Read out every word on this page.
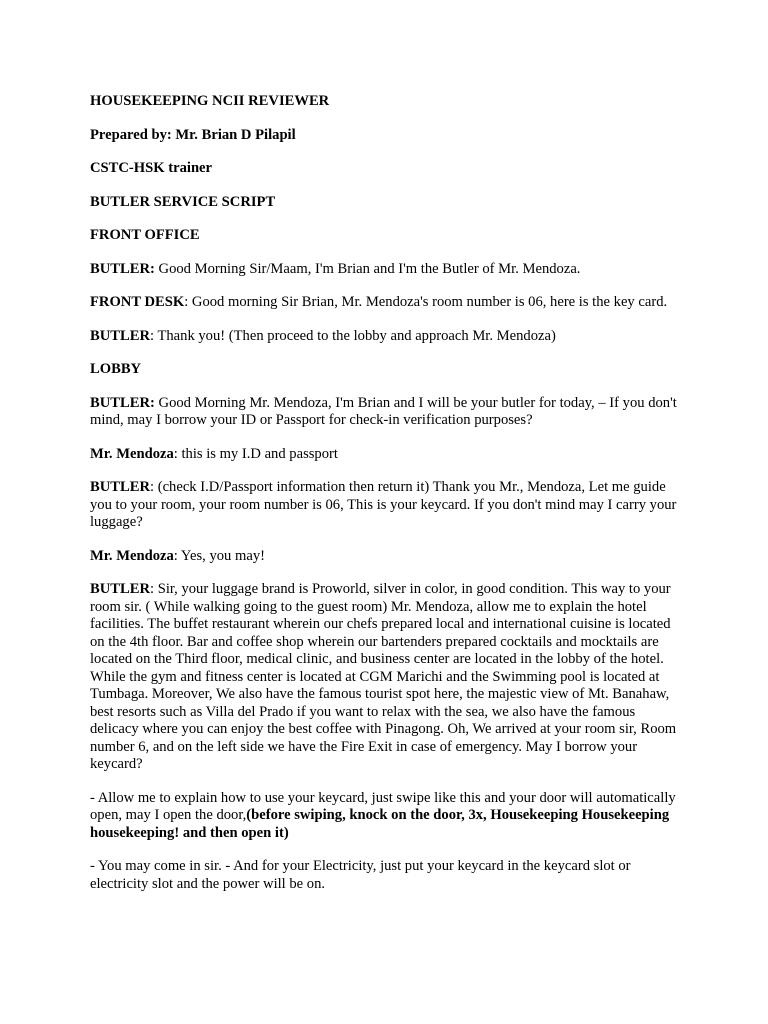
HOUSEKEEPING NCII REVIEWER

Prepared by: Mr. Brian D Pilapil

CSTC-HSK trainer

BUTLER SERVICE SCRIPT

FRONT OFFICE

BUTLER: Good Morning Sir/Maam, I'm Brian and I'm the Butler of Mr. Mendoza.

FRONT DESK: Good morning Sir Brian, Mr. Mendoza's room number is 06, here is the key card.

BUTLER: Thank you! (Then proceed to the lobby and approach Mr. Mendoza)

LOBBY

BUTLER: Good Morning Mr. Mendoza, I'm Brian and I will be your butler for today, – If you don't mind, may I borrow your ID or Passport for check-in verification purposes?

Mr. Mendoza: this is my I.D and passport

BUTLER: (check I.D/Passport information then return it) Thank you Mr., Mendoza, Let me guide you to your room, your room number is 06, This is your keycard. If you don't mind may I carry your luggage?

Mr. Mendoza: Yes, you may!

BUTLER: Sir, your luggage brand is Proworld, silver in color, in good condition. This way to your room sir. ( While walking going to the guest room) Mr. Mendoza, allow me to explain the hotel facilities. The buffet restaurant wherein our chefs prepared local and international cuisine is located on the 4th floor. Bar and coffee shop wherein our bartenders prepared cocktails and mocktails are located on the Third floor, medical clinic, and business center are located in the lobby of the hotel. While the gym and fitness center is located at CGM Marichi and the Swimming pool is located at Tumbaga. Moreover, We also have the famous tourist spot here, the majestic view of Mt. Banahaw, best resorts such as Villa del Prado if you want to relax with the sea, we also have the famous delicacy where you can enjoy the best coffee with Pinagong. Oh, We arrived at your room sir, Room number 6, and on the left side we have the Fire Exit in case of emergency. May I borrow your keycard?

- Allow me to explain how to use your keycard, just swipe like this and your door will automatically open, may I open the door,(before swiping, knock on the door, 3x, Housekeeping Housekeeping housekeeping! and then open it)

- You may come in sir. - And for your Electricity, just put your keycard in the keycard slot or electricity slot and the power will be on.
